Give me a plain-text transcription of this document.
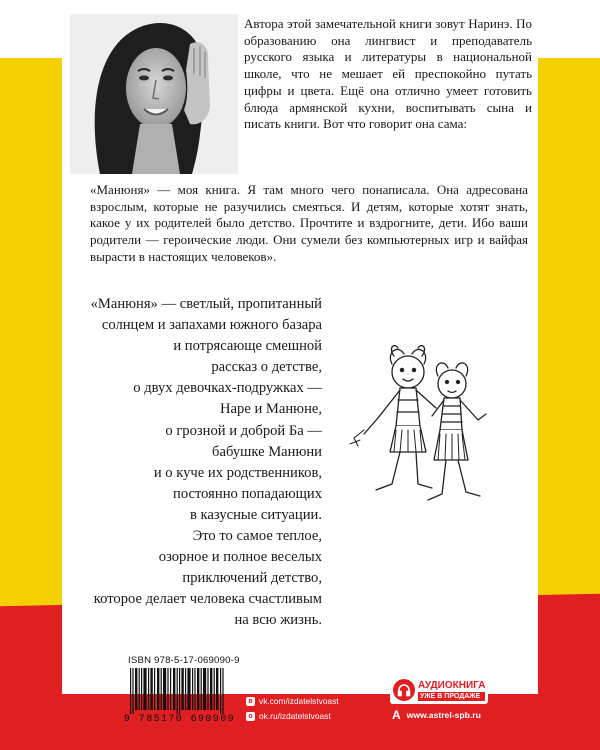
Автора этой замечательной книги зовут Наринэ. По образованию она лингвист и преподаватель русского языка и литературы в национальной школе, что не мешает ей преспокойно путать цифры и цвета. Ещё она отлично умеет готовить блюда армянской кухни, воспитывать сына и писать книги. Вот что говорит она сама:
«Манюня» — моя книга. Я там много чего понаписала. Она адресована взрослым, которые не разучились смеяться. И детям, которые хотят знать, какое у их родителей было детство. Прочтите и вздрогните, дети. Ибо ваши родители — героические люди. Они сумели без компьютерных игр и вайфая вырасти в настоящих человеков».
«Манюня» — светлый, пропитанный
солнцем и запахами южного базара
и потрясающе смешной
рассказ о детстве,
о двух девочках-подружках —
Наре и Манюне,
о грозной и доброй Ба —
бабушке Манюни
и о куче их родственников,
постоянно попадающих
в казусные ситуации.
Это то самое теплое,
озорное и полное веселых
приключений детство,
которое делает человека счастливым
на всю жизнь.
ISBN 978-5-17-069090-9
9 785170 690909
www.ast.ru | www.book24.ru
в vk.com/izdatelstvoast
о ok.ru/izdatelstvoast
АУДИОКНИГА
УЖЕ В ПРОДАЖЕ
А www.astrel-spb.ru
